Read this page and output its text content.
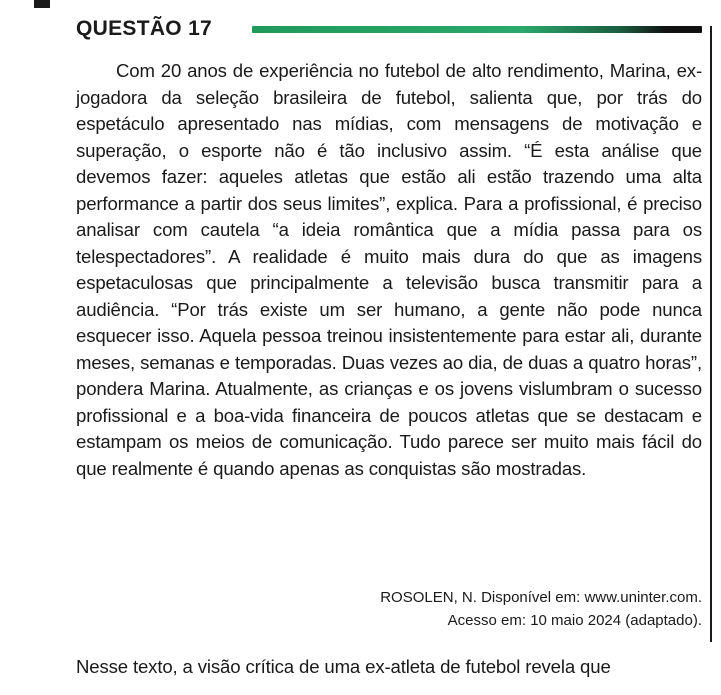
QUESTÃO 17

Com 20 anos de experiência no futebol de alto rendimento, Marina, ex-jogadora da seleção brasileira de futebol, salienta que, por trás do espetáculo apresentado nas mídias, com mensagens de motivação e superação, o esporte não é tão inclusivo assim. “É esta análise que devemos fazer: aqueles atletas que estão ali estão trazendo uma alta performance a partir dos seus limites”, explica. Para a profissional, é preciso analisar com cautela “a ideia romântica que a mídia passa para os telespectadores”. A realidade é muito mais dura do que as imagens espetaculosas que principalmente a televisão busca transmitir para a audiência. “Por trás existe um ser humano, a gente não pode nunca esquecer isso. Aquela pessoa treinou insistentemente para estar ali, durante meses, semanas e temporadas. Duas vezes ao dia, de duas a quatro horas”, pondera Marina. Atualmente, as crianças e os jovens vislumbram o sucesso profissional e a boa-vida financeira de poucos atletas que se destacam e estampam os meios de comunicação. Tudo parece ser muito mais fácil do que realmente é quando apenas as conquistas são mostradas.

ROSOLEN, N. Disponível em: www.uninter.com.
Acesso em: 10 maio 2024 (adaptado).

Nesse texto, a visão crítica de uma ex-atleta de futebol revela que
